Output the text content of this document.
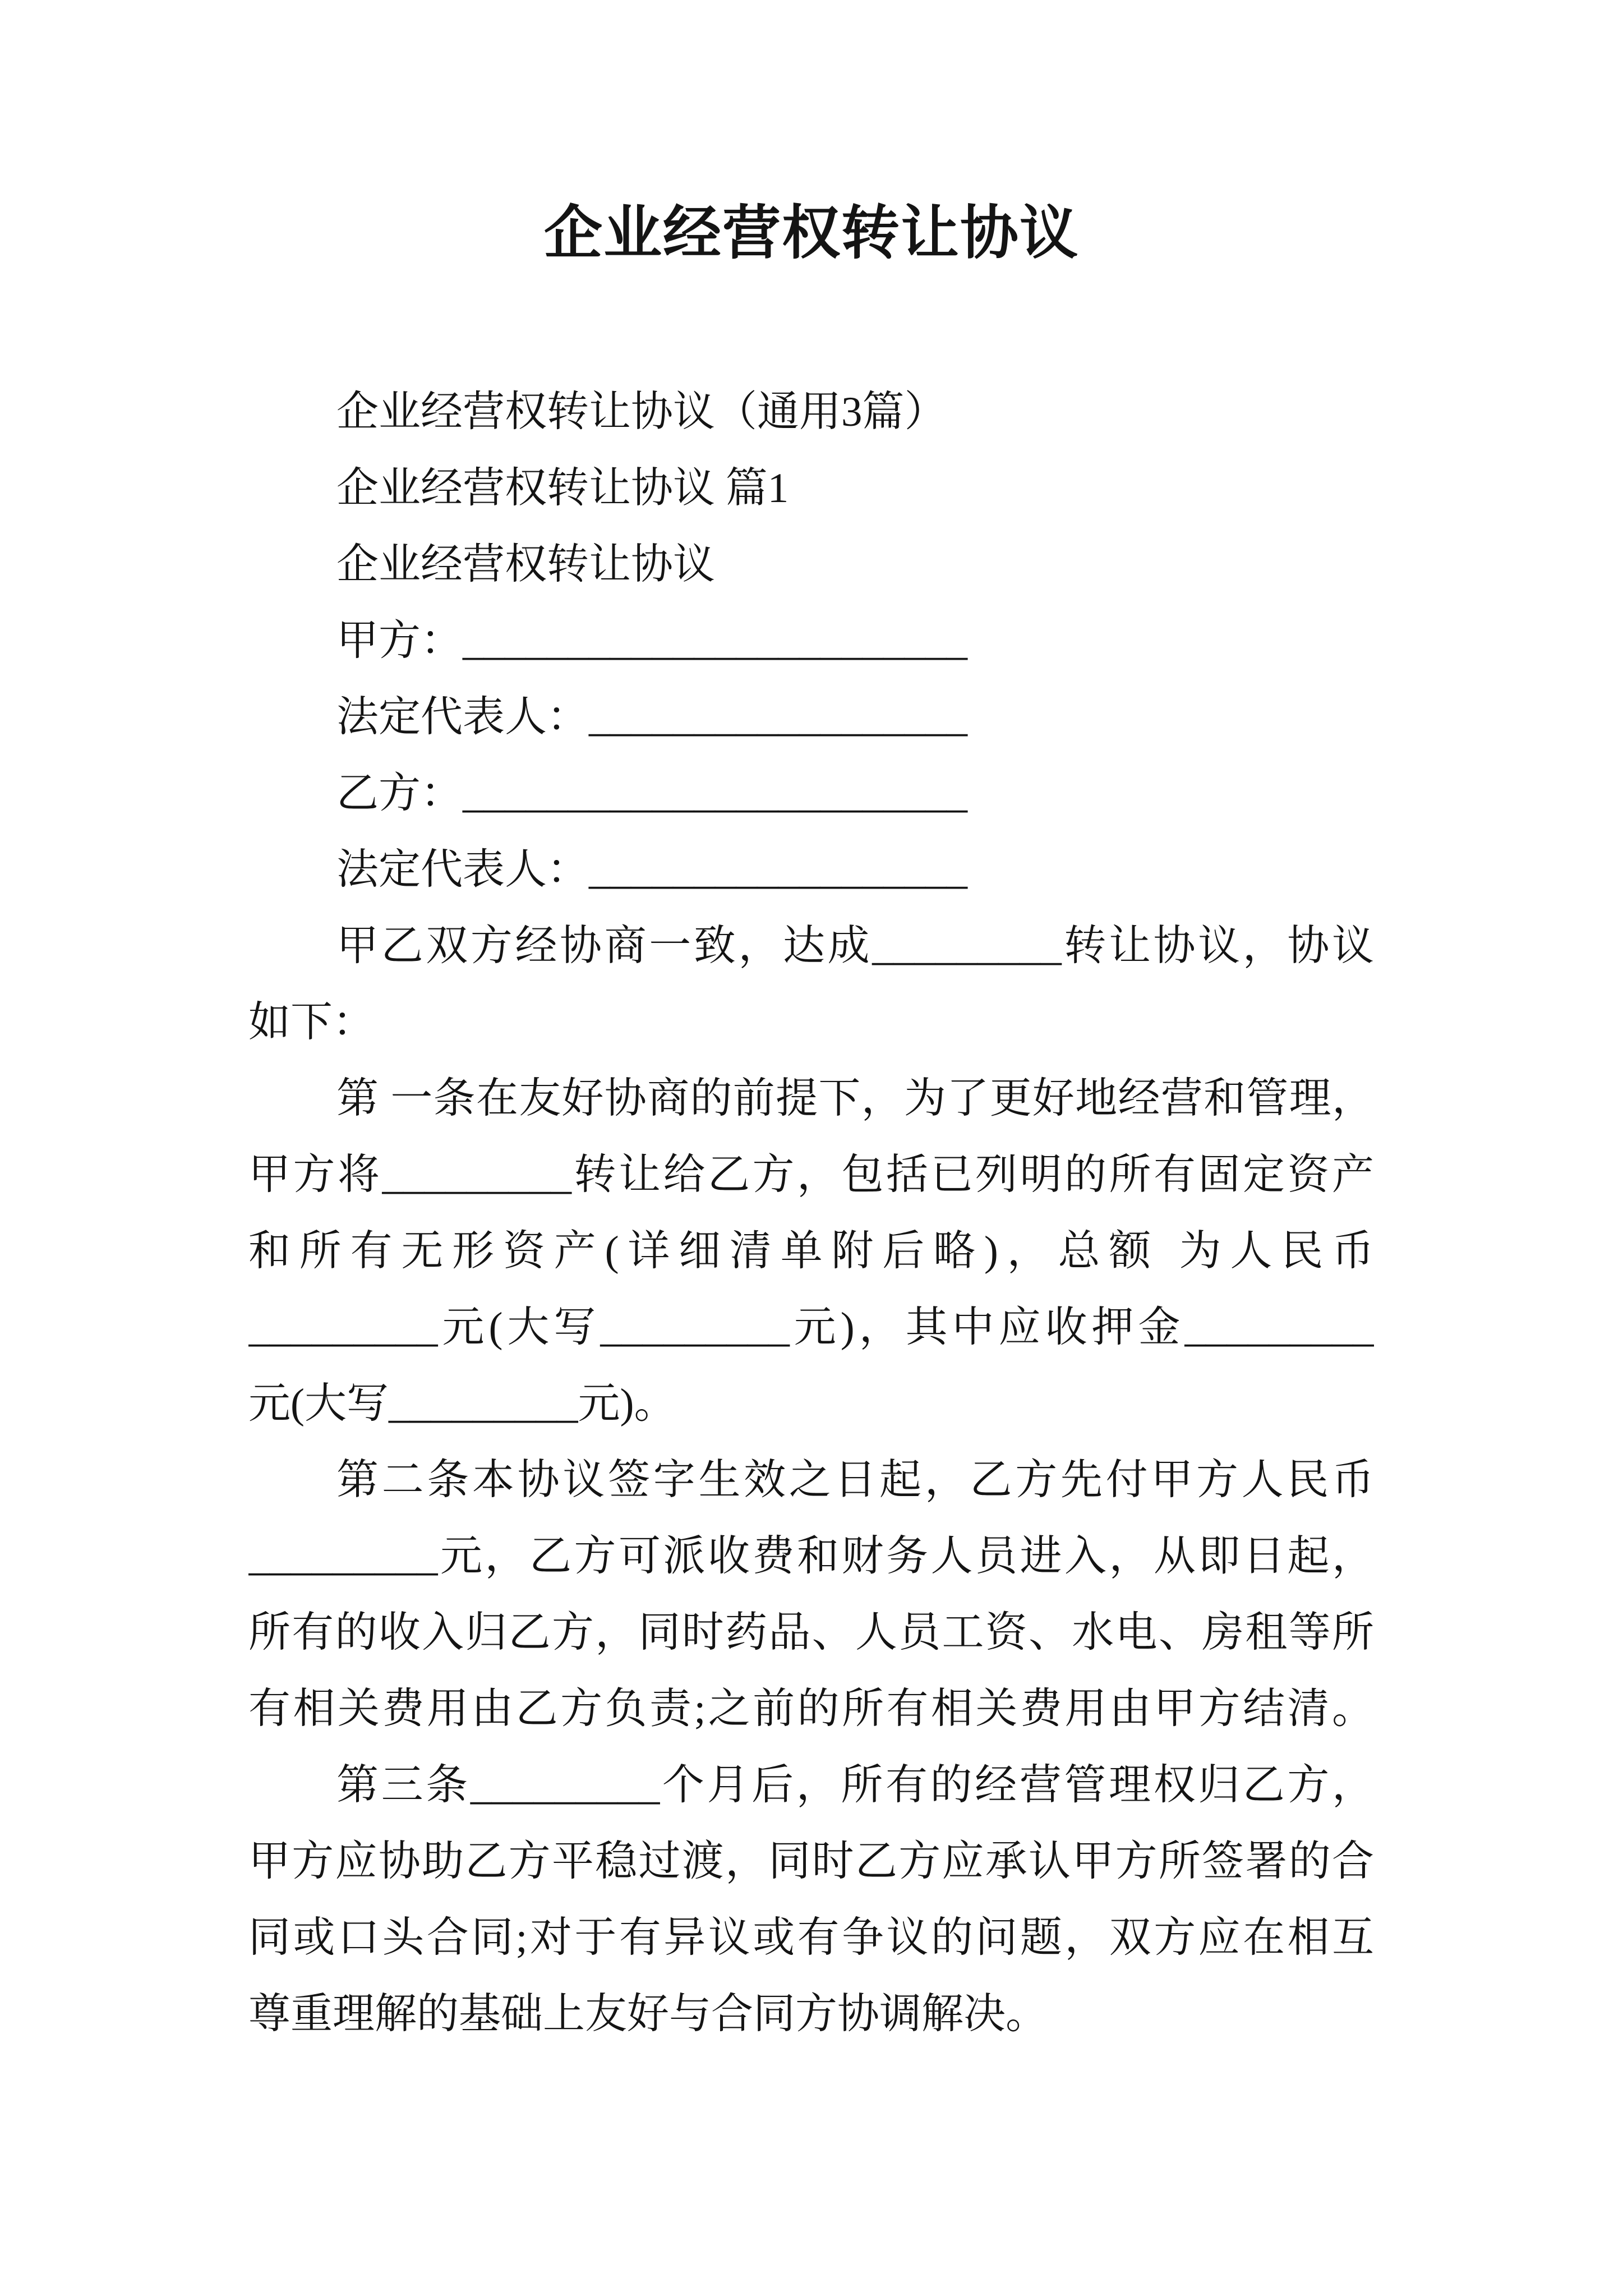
企业经营权转让协议
企业经营权转让协议（通用3篇）
企业经营权转让协议 篇1
企业经营权转让协议
甲方：________________________
法定代表人：__________________
乙方：________________________
法定代表人：__________________
甲乙双方经协商一致，达成_________转让协议，协议
如下：
第 一条在友好协商的前提下，为了更好地经营和管理，
甲方将_________转让给乙方，包括已列明的所有固定资产
和所有无形资产(详细清单附后略)，总额 为人民币
_________元(大写_________元)，其中应收押金_________
元(大写_________元)。
第二条本协议签字生效之日起，乙方先付甲方人民币
_________元，乙方可派收费和财务人员进入，从即日起，
所有的收入归乙方，同时药品、人员工资、水电、房租等所
有相关费用由乙方负责;之前的所有相关费用由甲方结清。
第三条_________个月后，所有的经营管理权归乙方，
甲方应协助乙方平稳过渡，同时乙方应承认甲方所签署的合
同或口头合同;对于有异议或有争议的问题，双方应在相互
尊重理解的基础上友好与合同方协调解决。
